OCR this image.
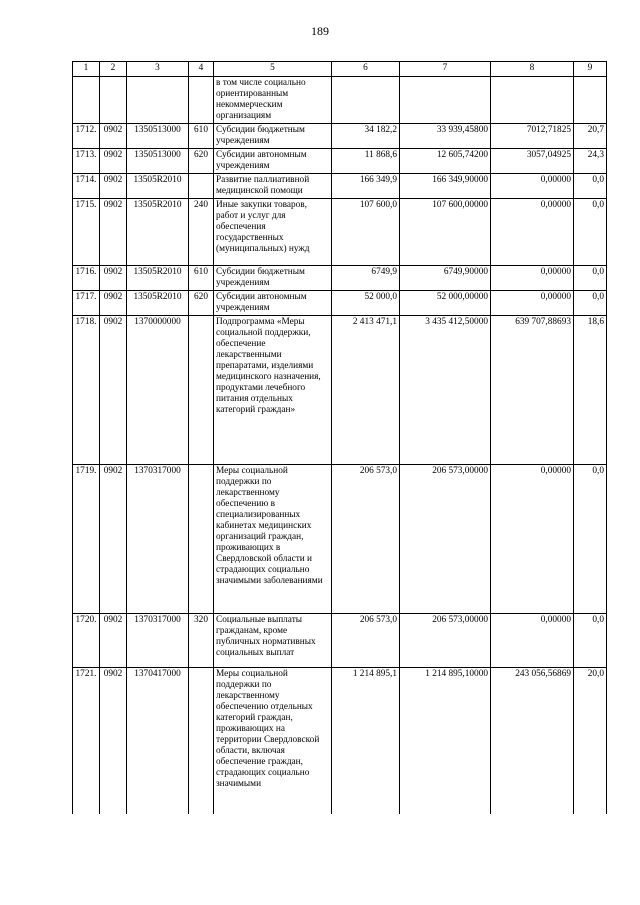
189
1	2	3	4	5	6	7	8	9
				в том числе социально ориентированным некоммерческим организациям				
1712.	0902	1350513000	610	Субсидии бюджетным учреждениям	34 182,2	33 939,45800	7012,71825	20,7
1713.	0902	1350513000	620	Субсидии автономным учреждениям	11 868,6	12 605,74200	3057,04925	24,3
1714.	0902	13505R2010		Развитие паллиативной медицинской помощи	166 349,9	166 349,90000	0,00000	0,0
1715.	0902	13505R2010	240	Иные закупки товаров, работ и услуг для обеспечения государственных (муниципальных) нужд	107 600,0	107 600,00000	0,00000	0,0
1716.	0902	13505R2010	610	Субсидии бюджетным учреждениям	6749,9	6749,90000	0,00000	0,0
1717.	0902	13505R2010	620	Субсидии автономным учреждениям	52 000,0	52 000,00000	0,00000	0,0
1718.	0902	1370000000		Подпрограмма «Меры социальной поддержки, обеспечение лекарственными препаратами, изделиями медицинского назначения, продуктами лечебного питания отдельных категорий граждан»	2 413 471,1	3 435 412,50000	639 707,88693	18,6
1719.	0902	1370317000		Меры социальной поддержки по лекарственному обеспечению в специализированных кабинетах медицинских организаций граждан, проживающих в Свердловской области и страдающих социально значимыми заболеваниями	206 573,0	206 573,00000	0,00000	0,0
1720.	0902	1370317000	320	Социальные выплаты гражданам, кроме публичных нормативных социальных выплат	206 573,0	206 573,00000	0,00000	0,0
1721.	0902	1370417000		Меры социальной поддержки по лекарственному обеспечению отдельных категорий граждан, проживающих на территории Свердловской области, включая обеспечение граждан, страдающих социально значимыми	1 214 895,1	1 214 895,10000	243 056,56869	20,0
